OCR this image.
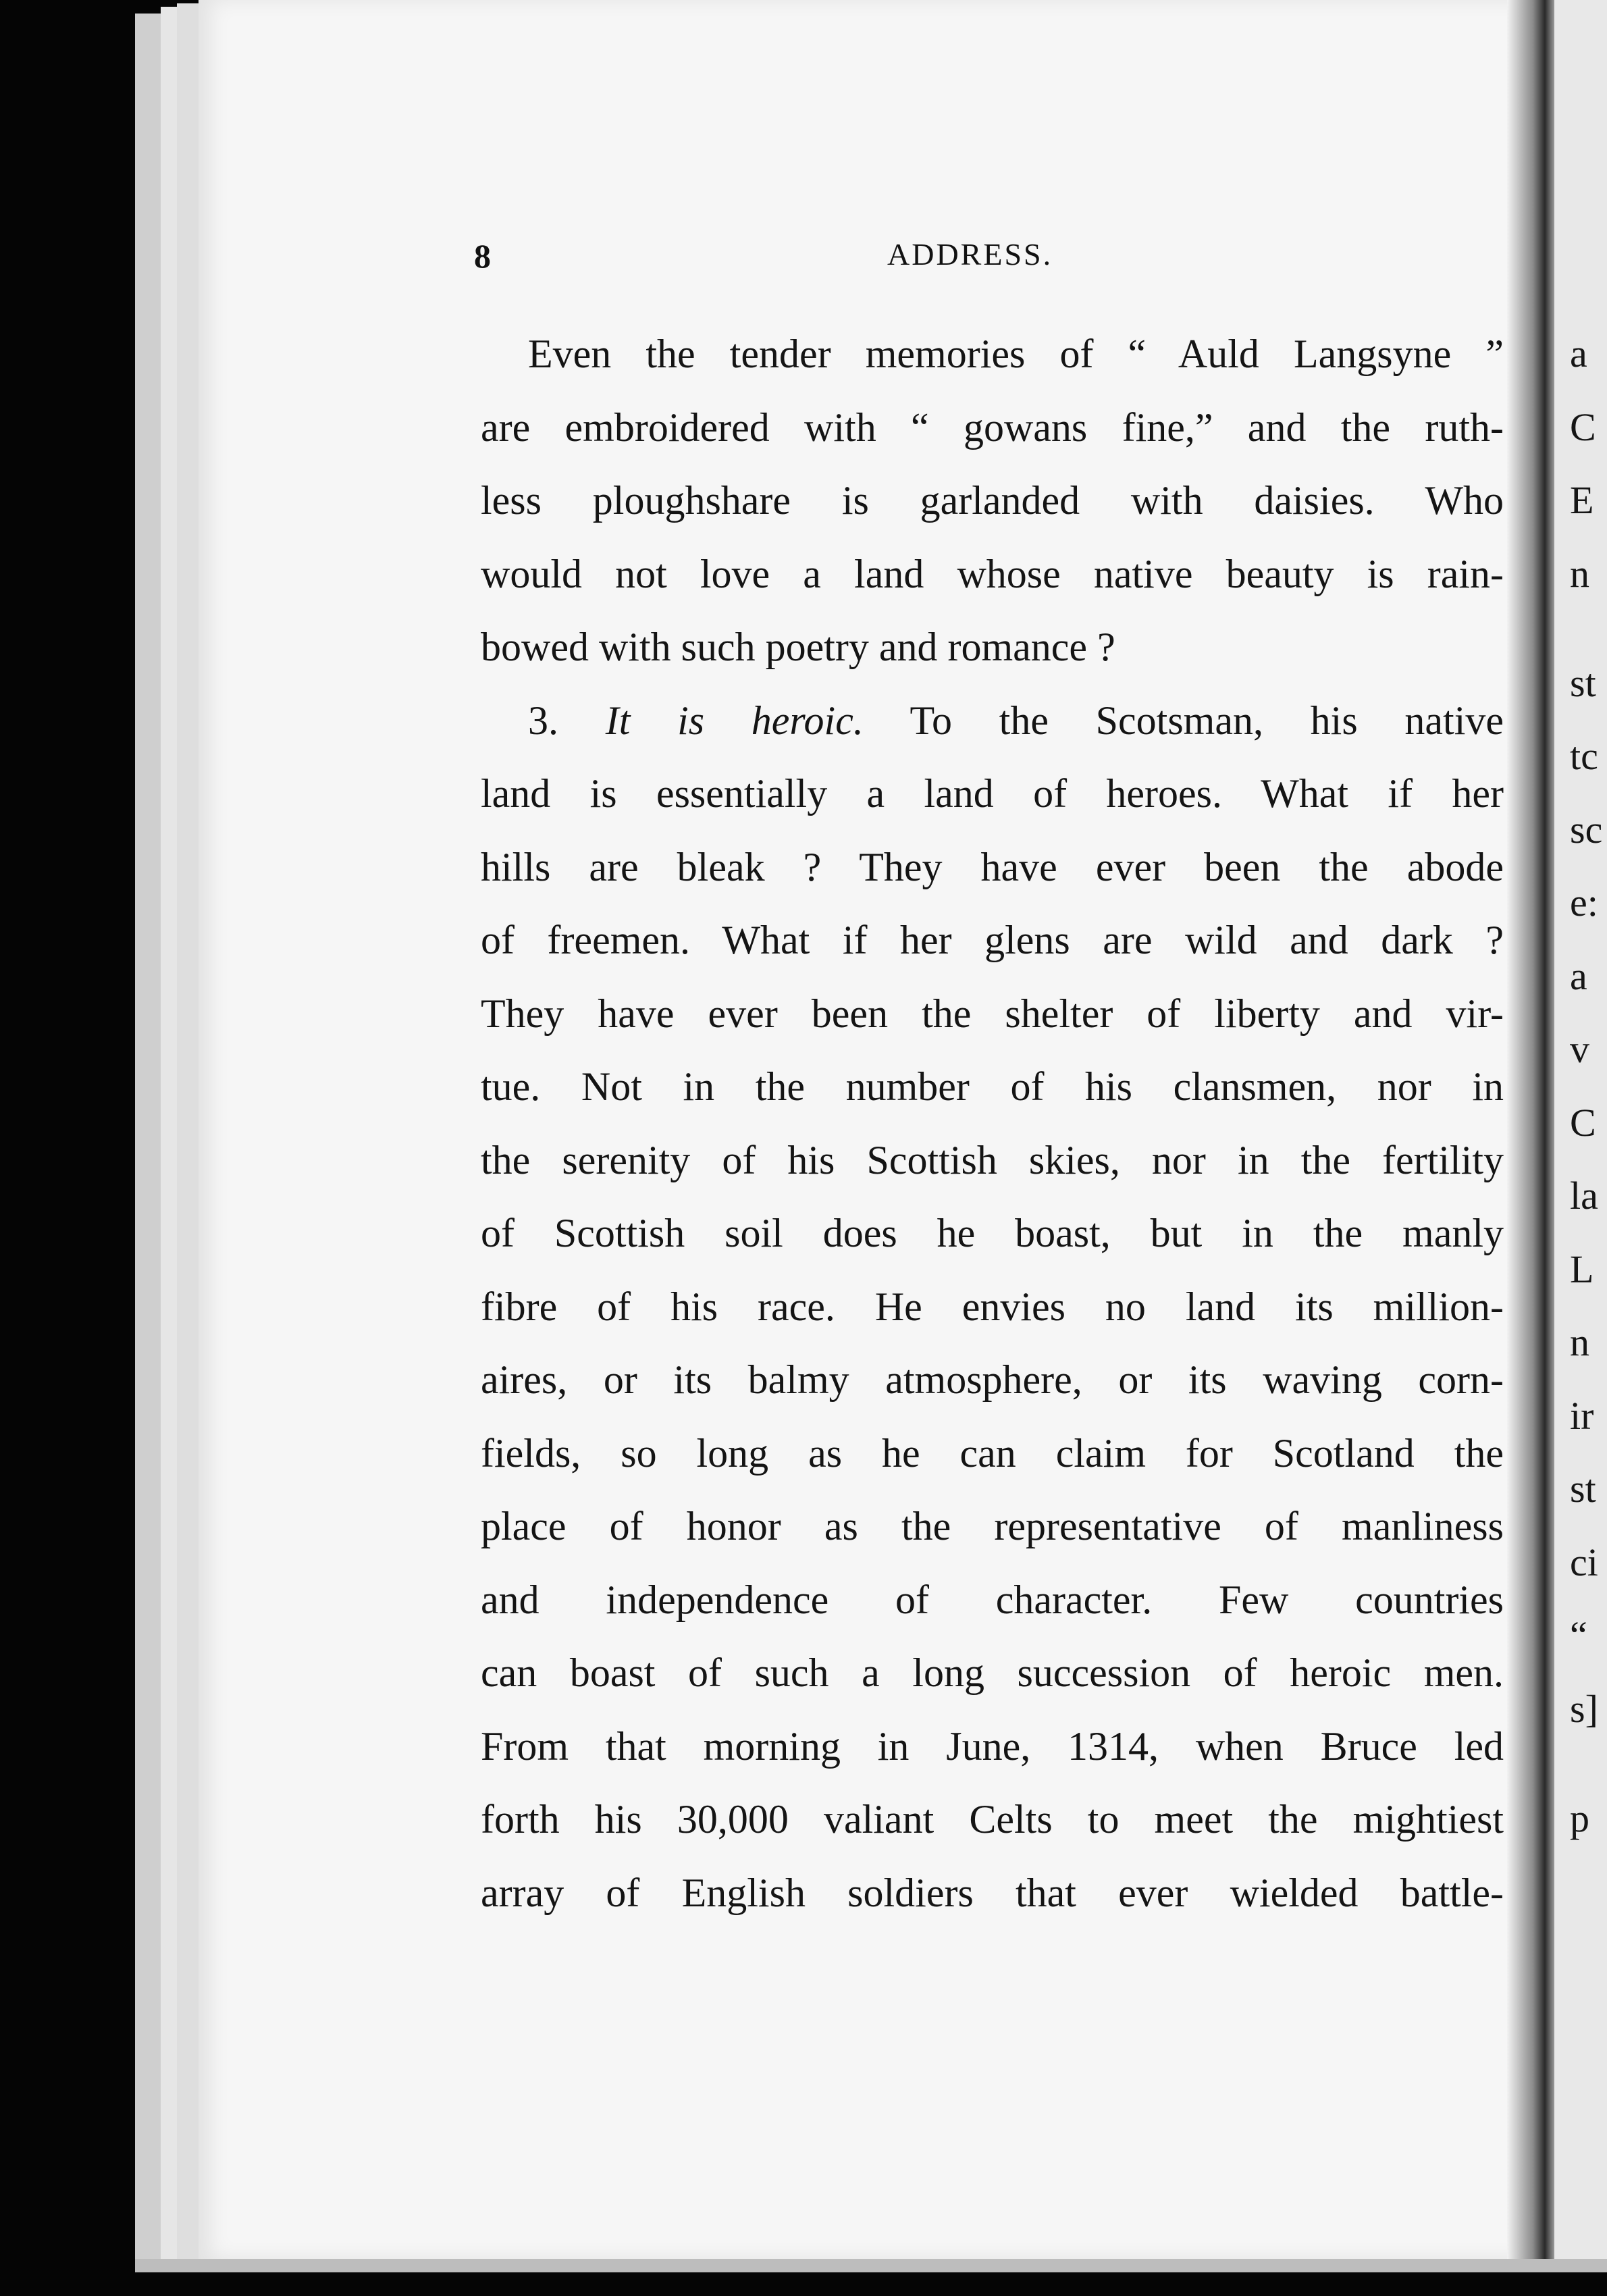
8	ADDRESS.
Even the tender memories of “ Auld Langsyne ”
are embroidered with “ gowans fine,” and the ruth-
less ploughshare is garlanded with daisies. Who
would not love a land whose native beauty is rain-
bowed with such poetry and romance ?
3. It is heroic. To the Scotsman, his native
land is essentially a land of heroes. What if her
hills are bleak ? They have ever been the abode
of freemen. What if her glens are wild and dark ?
They have ever been the shelter of liberty and vir-
tue. Not in the number of his clansmen, nor in
the serenity of his Scottish skies, nor in the fertility
of Scottish soil does he boast, but in the manly
fibre of his race. He envies no land its million-
aires, or its balmy atmosphere, or its waving corn-
fields, so long as he can claim for Scotland the
place of honor as the representative of manliness
and independence of character. Few countries
can boast of such a long succession of heroic men.
From that morning in June, 1314, when Bruce led
forth his 30,000 valiant Celts to meet the mightiest
array of English soldiers that ever wielded battle-
a
C
E
n
st
tc
sc
e:
a
v
C
la
L
n
ir
st
ci
“
s]
p
